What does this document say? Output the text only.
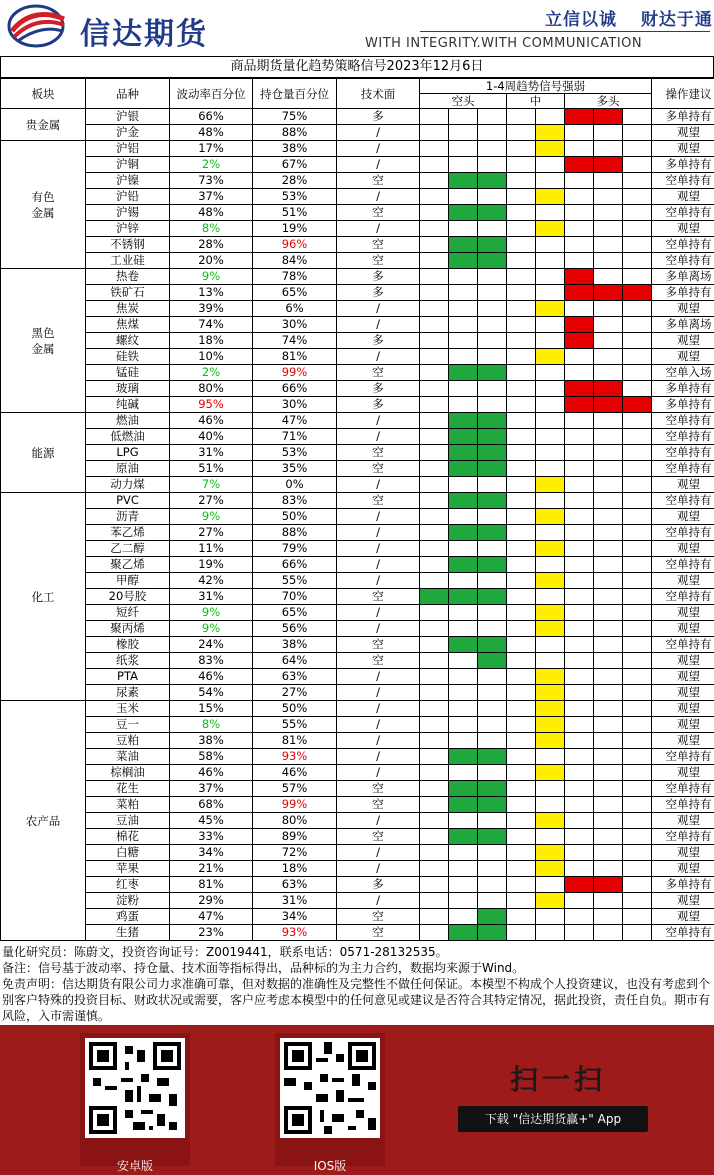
信达期货	立信以诚 财达于通
WITH INTEGRITY.WITH COMMUNICATION
商品期货量化趋势策略信号2023年12月6日
板块	品种	波动率百分位	持仓量百分位	技术面	1-4周趋势信号强弱								操作建议
					空头			中		多头			
贵金属	沪银	66%	75%	多									多单持有
	沪金	48%	88%	/									观望
有色金属	沪铝	17%	38%	/									观望
	沪铜	2%	67%	/									多单持有
	沪镍	73%	28%	空									空单持有
	沪铅	37%	53%	/									观望
	沪锡	48%	51%	空									空单持有
	沪锌	8%	19%	/									观望
	不锈钢	28%	96%	空									空单持有
	工业硅	20%	84%	空									空单持有
黑色金属	热卷	9%	78%	多									多单离场
	铁矿石	13%	65%	多									多单持有
	焦炭	39%	6%	/									观望
	焦煤	74%	30%	/									多单离场
	螺纹	18%	74%	多									观望
	硅铁	10%	81%	/									观望
	锰硅	2%	99%	空									空单入场
	玻璃	80%	66%	多									多单持有
	纯碱	95%	30%	多									多单持有
能源	燃油	46%	47%	/									空单持有
	低燃油	40%	71%	/									空单持有
	LPG	31%	53%	空									空单持有
	原油	51%	35%	空									空单持有
	动力煤	7%	0%	/									观望
化工	PVC	27%	83%	空									空单持有
	沥青	9%	50%	/									观望
	苯乙烯	27%	88%	/									空单持有
	乙二醇	11%	79%	/									观望
	聚乙烯	19%	66%	/									空单持有
	甲醇	42%	55%	/									观望
	20号胶	31%	70%	空									空单持有
	短纤	9%	65%	/									观望
	聚丙烯	9%	56%	/									观望
	橡胶	24%	38%	空									空单持有
	纸浆	83%	64%	空									观望
	PTA	46%	63%	/									观望
	尿素	54%	27%	/									观望
农产品	玉米	15%	50%	/									观望
	豆一	8%	55%	/									观望
	豆粕	38%	81%	/									观望
	菜油	58%	93%	/									空单持有
	棕榈油	46%	46%	/									观望
	花生	37%	57%	空									空单持有
	菜粕	68%	99%	空									空单持有
	豆油	45%	80%	/									观望
	棉花	33%	89%	空									空单持有
	白糖	34%	72%	/									观望
	苹果	21%	18%	/									观望
	红枣	81%	63%	多									多单持有
	淀粉	29%	31%	/									观望
	鸡蛋	47%	34%	空									观望
	生猪	23%	93%	空									空单持有
量化研究员：陈蔚文，投资咨询证号：Z0019441，联系电话：0571-28132535。
备注：信号基于波动率、持仓量、技术面等指标得出，品种标的为主力合约，数据均来源于Wind。
免责声明：信达期货有限公司力求准确可靠，但对数据的准确性及完整性不做任何保证。本模型不构成个人投资建议，也没有考虑到个别客户特殊的投资目标、财政状况或需要，客户应考虑本模型中的任何意见或建议是否符合其特定情况，据此投资，责任自负。期市有风险，入市需谨慎。
安卓版	IOS版
扫一扫
下载 "信达期货赢+" App
